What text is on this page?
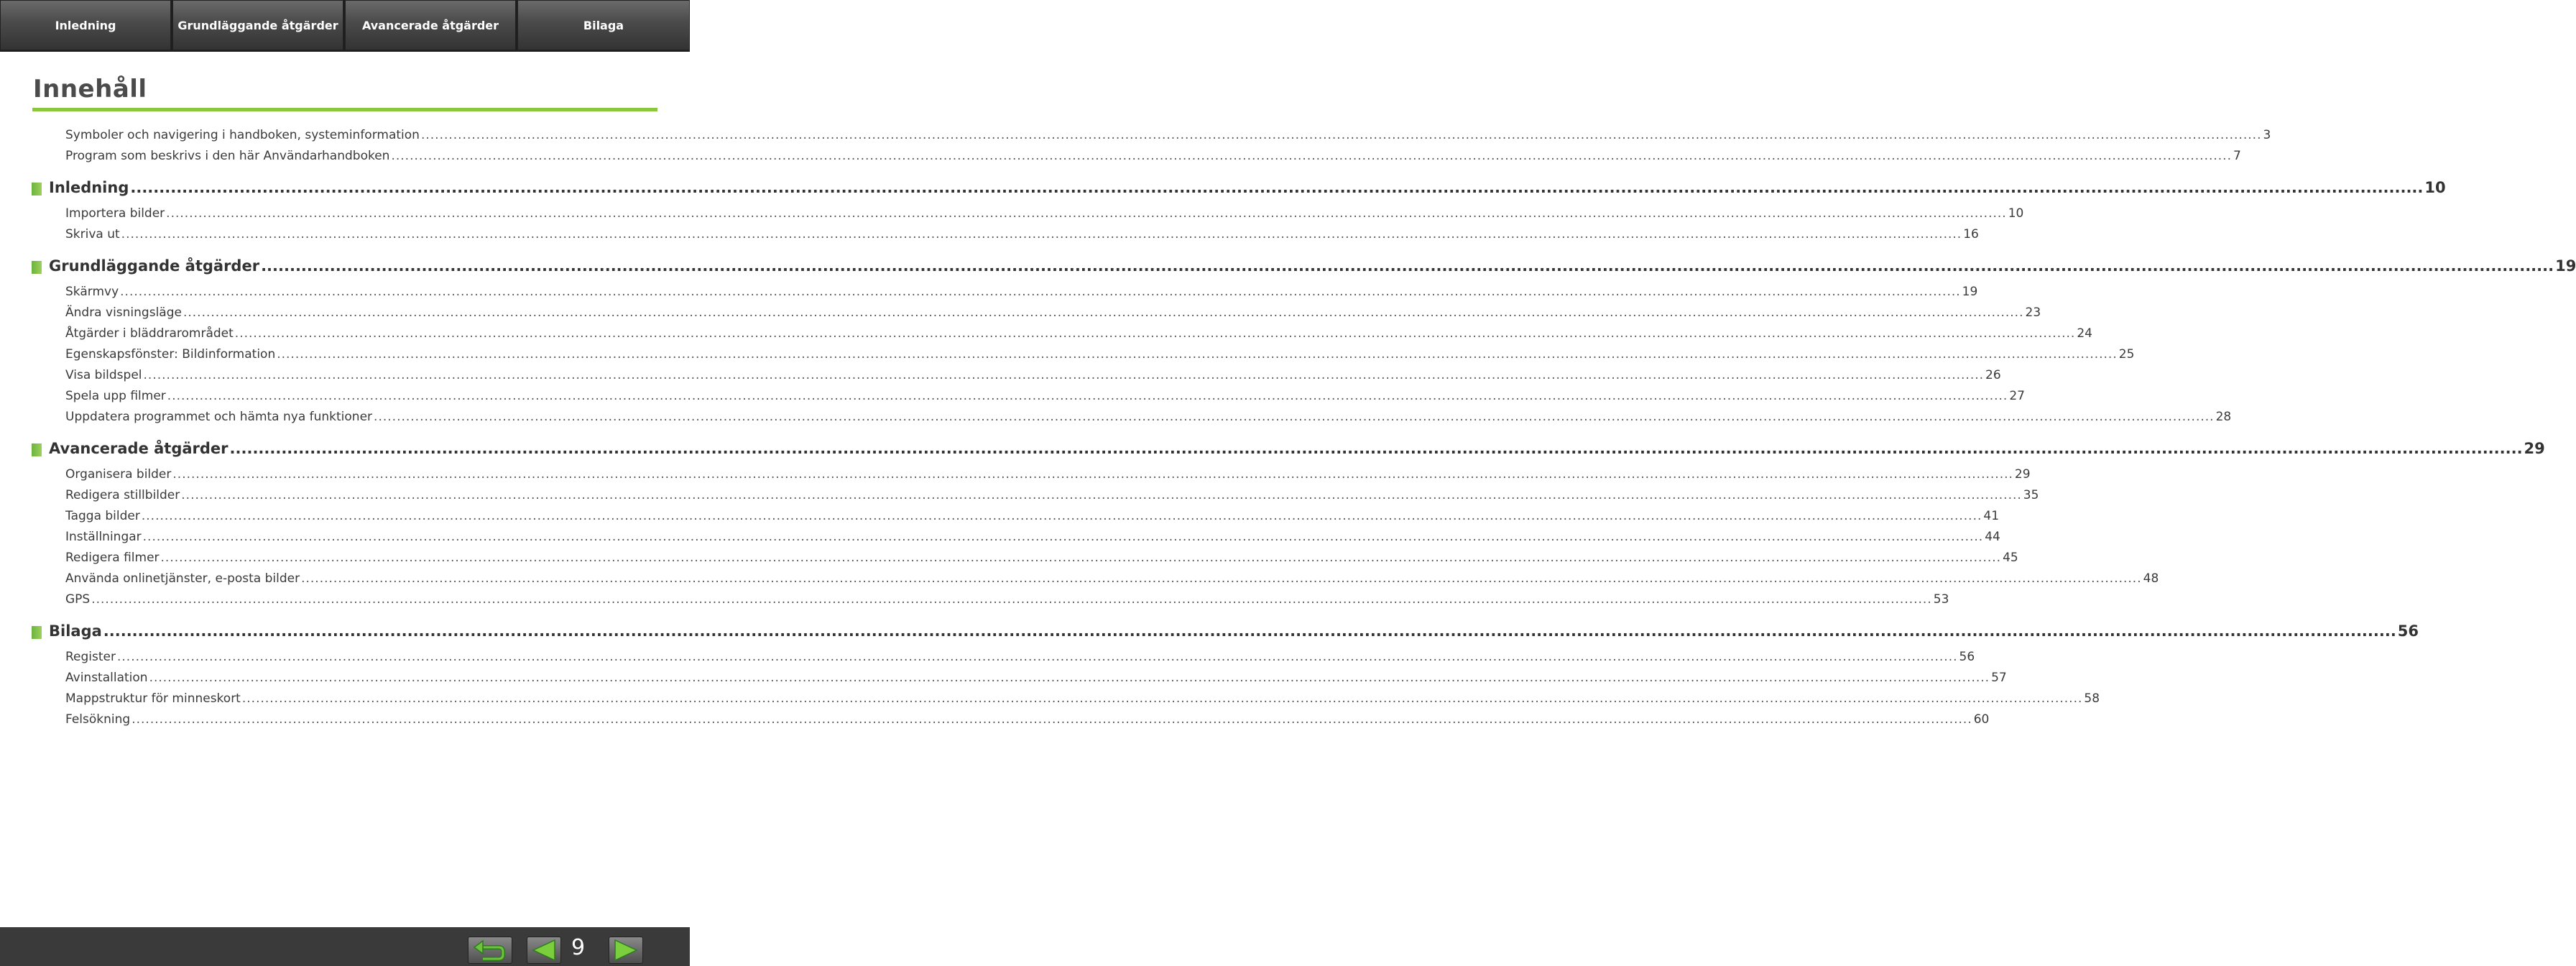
Inledning	Grundläggande åtgärder	Avancerade åtgärder	Bilaga
Innehåll
Symboler och navigering i handboken, systeminformation ................................................................................................................................................................................................................................................................................................................................................................................................................ 3
Program som beskrivs i den här Användarhandboken ................................................................................................................................................................................................................................................................................................................................................................................................................ 7
Inledning ................................................................................................................................................................................................................................................................................................................................................................................................................ 10
Importera bilder ................................................................................................................................................................................................................................................................................................................................................................................................................ 10
Skriva ut ................................................................................................................................................................................................................................................................................................................................................................................................................ 16
Grundläggande åtgärder ................................................................................................................................................................................................................................................................................................................................................................................................................ 19
Skärmvy ................................................................................................................................................................................................................................................................................................................................................................................................................ 19
Ändra visningsläge ................................................................................................................................................................................................................................................................................................................................................................................................................ 23
Åtgärder i bläddrarområdet ................................................................................................................................................................................................................................................................................................................................................................................................................ 24
Egenskapsfönster: Bildinformation ................................................................................................................................................................................................................................................................................................................................................................................................................ 25
Visa bildspel ................................................................................................................................................................................................................................................................................................................................................................................................................ 26
Spela upp filmer ................................................................................................................................................................................................................................................................................................................................................................................................................ 27
Uppdatera programmet och hämta nya funktioner ................................................................................................................................................................................................................................................................................................................................................................................................................ 28
Avancerade åtgärder ................................................................................................................................................................................................................................................................................................................................................................................................................ 29
Organisera bilder ................................................................................................................................................................................................................................................................................................................................................................................................................ 29
Redigera stillbilder ................................................................................................................................................................................................................................................................................................................................................................................................................ 35
Tagga bilder ................................................................................................................................................................................................................................................................................................................................................................................................................ 41
Inställningar ................................................................................................................................................................................................................................................................................................................................................................................................................ 44
Redigera filmer ................................................................................................................................................................................................................................................................................................................................................................................................................ 45
Använda onlinetjänster, e-posta bilder ................................................................................................................................................................................................................................................................................................................................................................................................................ 48
GPS ................................................................................................................................................................................................................................................................................................................................................................................................................ 53
Bilaga ................................................................................................................................................................................................................................................................................................................................................................................................................ 56
Register ................................................................................................................................................................................................................................................................................................................................................................................................................ 56
Avinstallation ................................................................................................................................................................................................................................................................................................................................................................................................................ 57
Mappstruktur för minneskort ................................................................................................................................................................................................................................................................................................................................................................................................................ 58
Felsökning ................................................................................................................................................................................................................................................................................................................................................................................................................ 60
9
